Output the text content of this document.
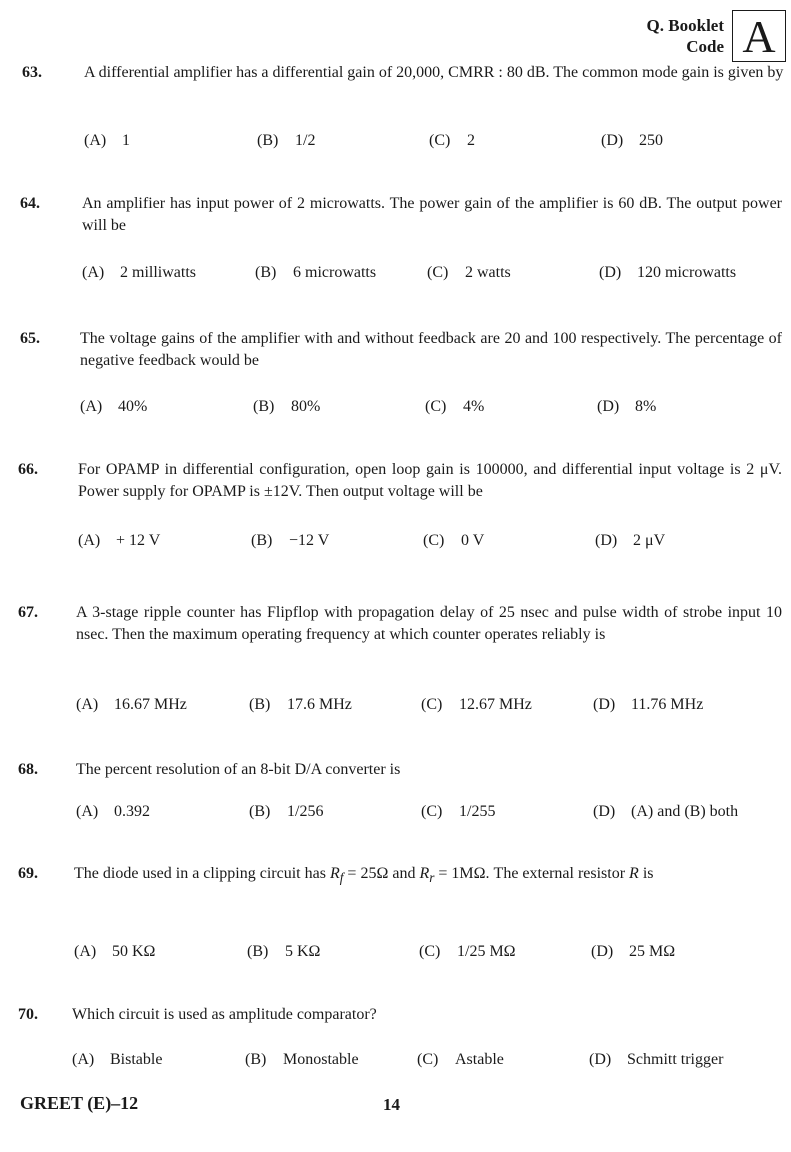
Q. Booklet
Code A
63.	A differential amplifier has a differential gain of 20,000, CMRR : 80 dB. The common mode gain is given by
(A) 1	(B) 1/2	(C) 2	(D) 250
64.	An amplifier has input power of 2 microwatts. The power gain of the amplifier is 60 dB. The output power will be
(A) 2 milliwatts	(B) 6 microwatts	(C) 2 watts	(D) 120 microwatts
65.	The voltage gains of the amplifier with and without feedback are 20 and 100 respectively. The percentage of negative feedback would be
(A) 40%	(B) 80%	(C) 4%	(D) 8%
66.	For OPAMP in differential configuration, open loop gain is 100000, and differential input voltage is 2 μV. Power supply for OPAMP is ±12V. Then output voltage will be
(A) + 12 V	(B) −12 V	(C) 0 V	(D) 2 μV
67. A 3-stage ripple counter has Flipflop with propagation delay of 25 nsec and pulse width of strobe input 10 nsec. Then the maximum operating frequency at which counter operates reliably is
(A) 16.67 MHz	(B) 17.6 MHz	(C) 12.67 MHz	(D) 11.76 MHz
68. The percent resolution of an 8-bit D/A converter is
(A) 0.392	(B) 1/256	(C) 1/255	(D) (A) and (B) both
69. The diode used in a clipping circuit has $R_f = 25\Omega$ and $R_r = 1M\Omega$. The external resistor R is
(A) 50 KΩ	(B) 5 KΩ	(C) 1/25 MΩ	(D) 25 MΩ
70. Which circuit is used as amplitude comparator?
(A) Bistable	(B) Monostable	(C) Astable	(D) Schmitt trigger
GREET (E)–12	14
